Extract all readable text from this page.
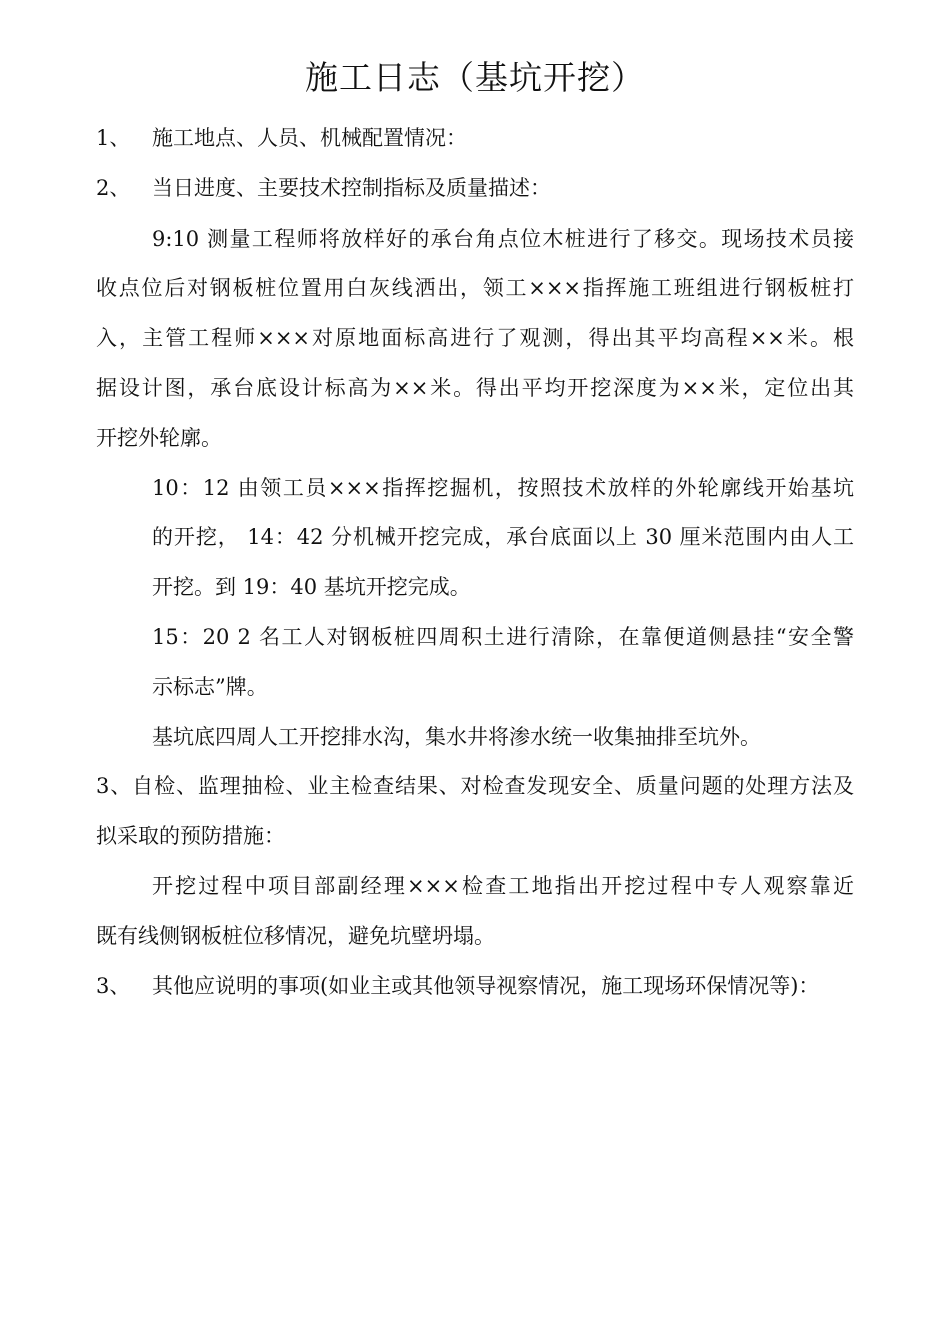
施工日志（基坑开挖）
1、 施工地点、人员、机械配置情况：
2、 当日进度、主要技术控制指标及质量描述：
9:10 测量工程师将放样好的承台角点位木桩进行了移交。现场技术员接
收点位后对钢板桩位置用白灰线洒出，领工×××指挥施工班组进行钢板桩打
入，主管工程师×××对原地面标高进行了观测，得出其平均高程××米。根
据设计图，承台底设计标高为××米。得出平均开挖深度为××米，定位出其
开挖外轮廓。
10：12 由领工员×××指挥挖掘机，按照技术放样的外轮廓线开始基坑
的开挖， 14：42 分机械开挖完成，承台底面以上 30 厘米范围内由人工
开挖。到 19：40 基坑开挖完成。
15：20 2 名工人对钢板桩四周积土进行清除，在靠便道侧悬挂“安全警
示标志”牌。
基坑底四周人工开挖排水沟，集水井将渗水统一收集抽排至坑外。
3、自检、监理抽检、业主检查结果、对检查发现安全、质量问题的处理方法及
拟采取的预防措施：
开挖过程中项目部副经理×××检查工地指出开挖过程中专人观察靠近
既有线侧钢板桩位移情况，避免坑壁坍塌。
3、 其他应说明的事项(如业主或其他领导视察情况，施工现场环保情况等)：
